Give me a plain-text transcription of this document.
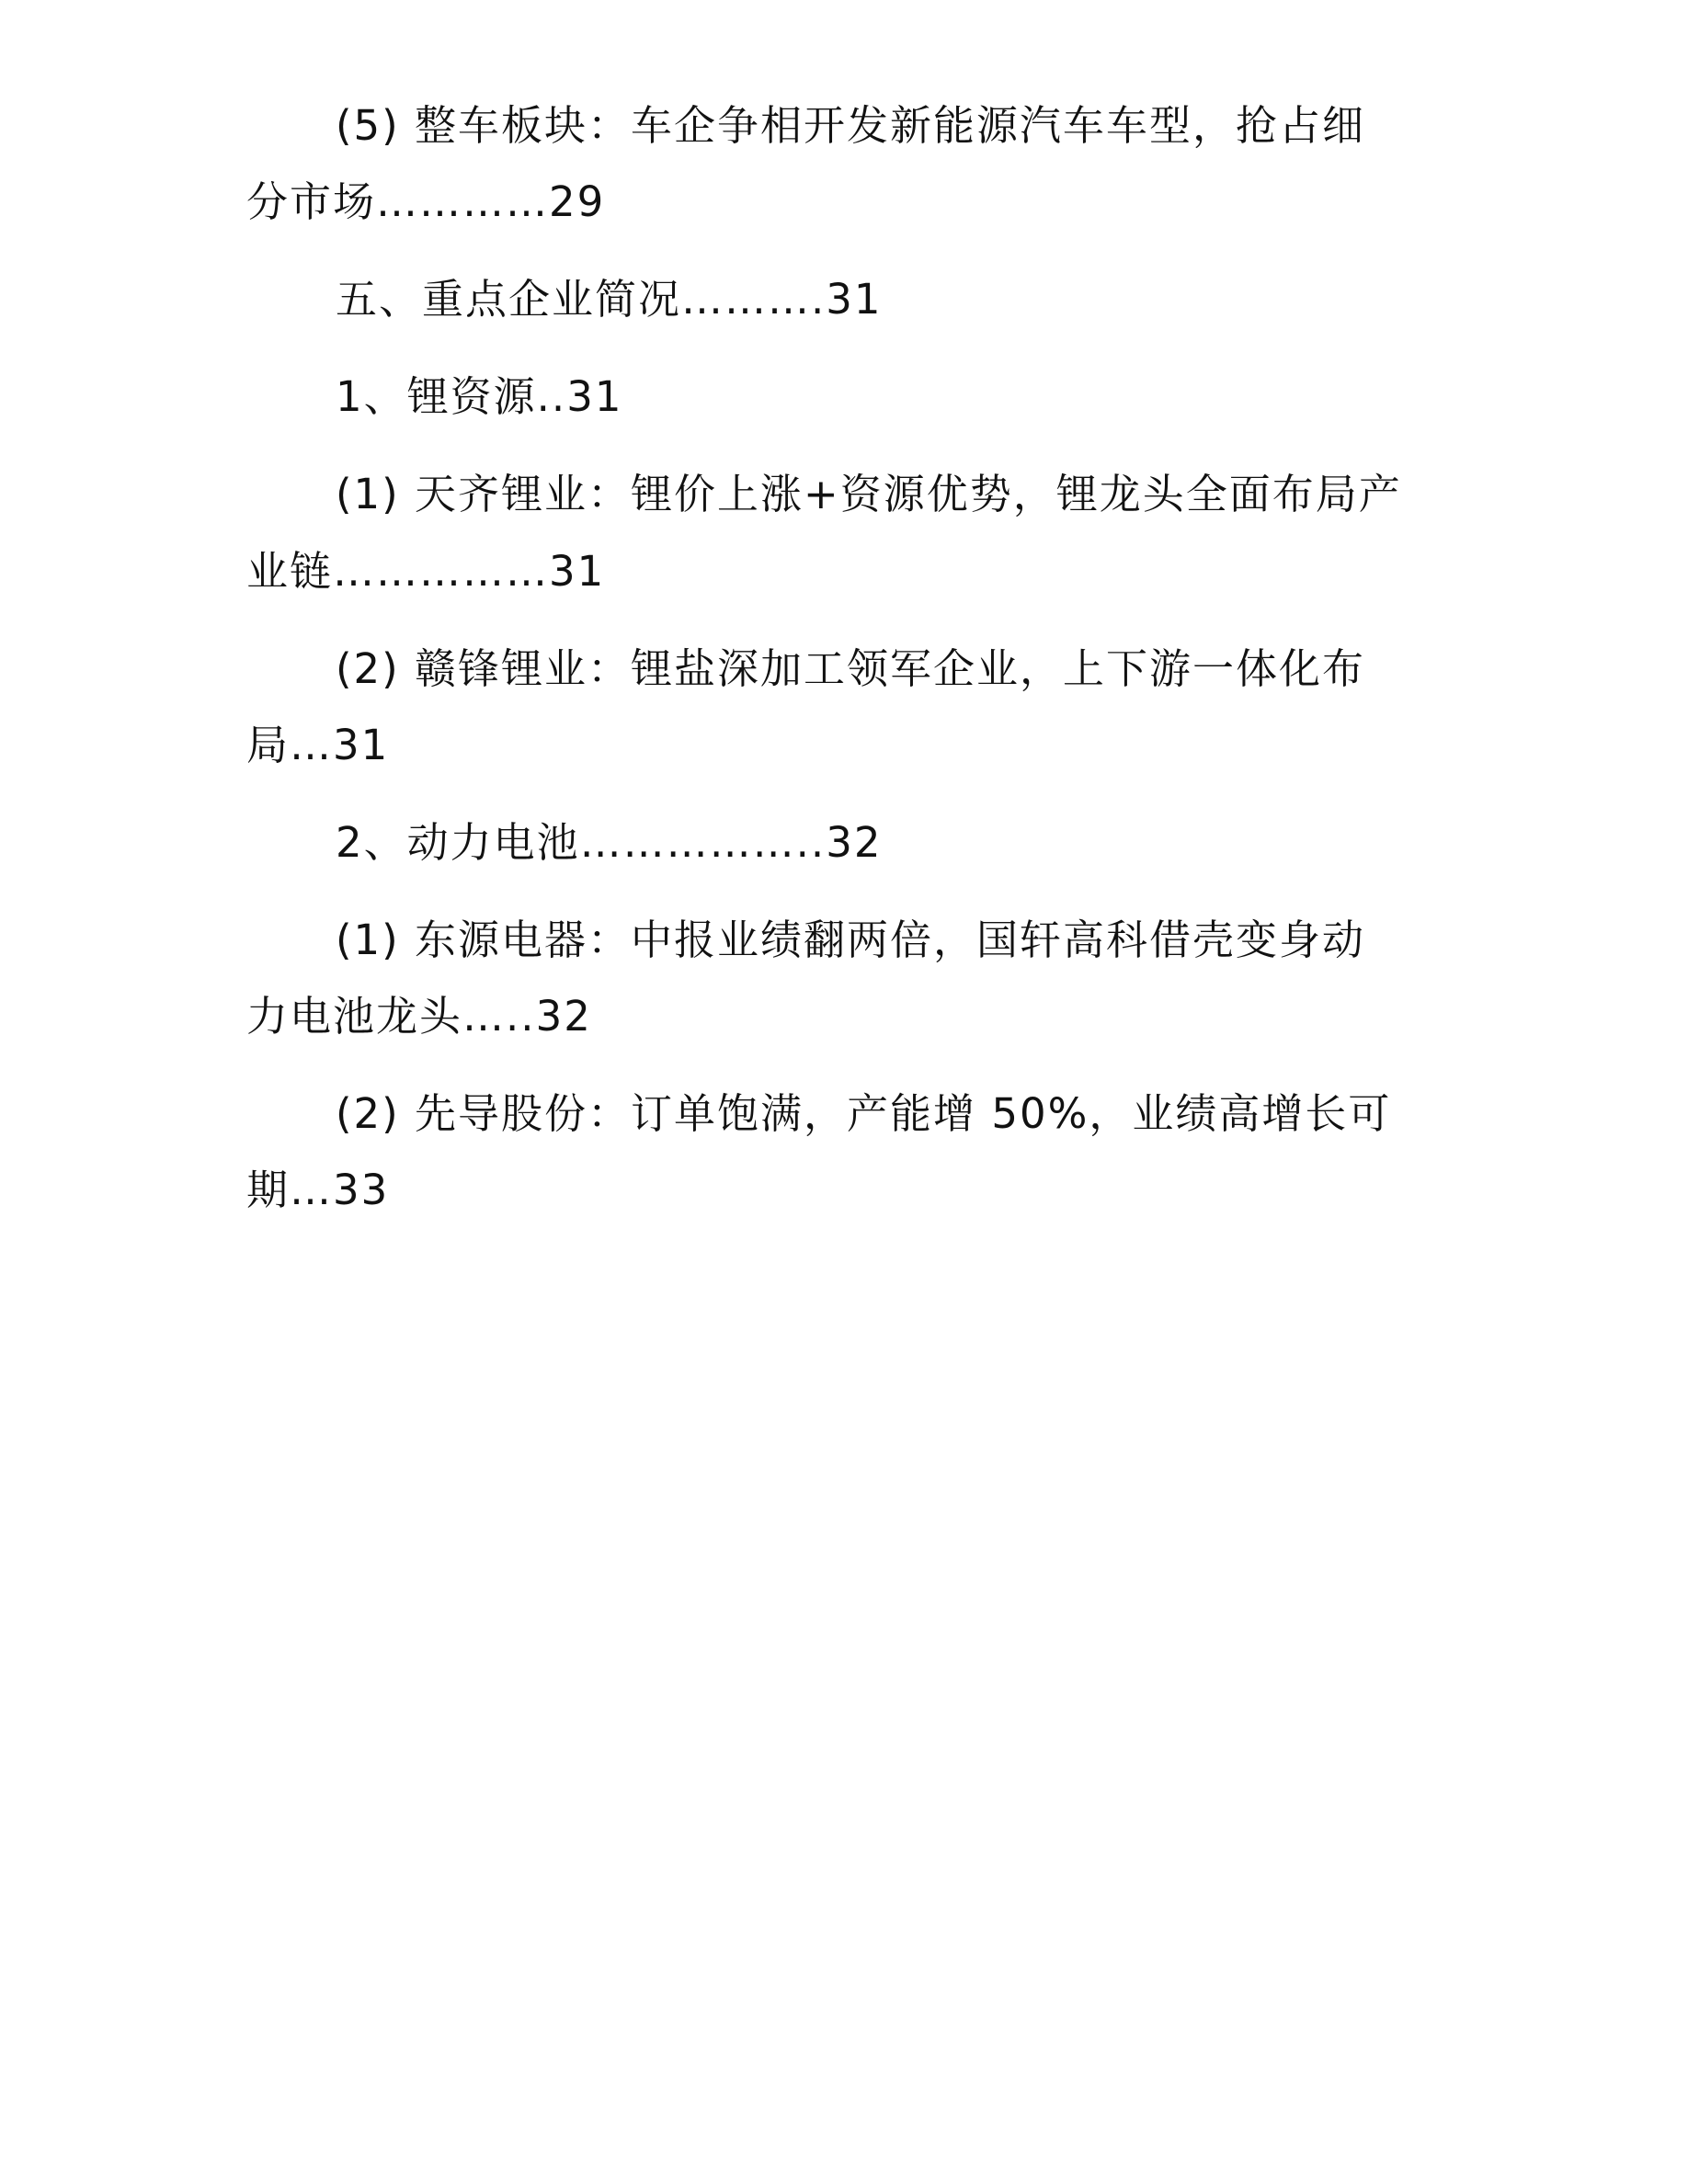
(5) 整车板块：车企争相开发新能源汽车车型，抢占细

分市场…………29

五、重点企业简况……….31

1、锂资源..31

(1) 天齐锂业：锂价上涨+资源优势，锂龙头全面布局产

业链……………31

(2) 赣锋锂业：锂盐深加工领军企业，上下游一体化布

局…31

2、动力电池……………..32

(1) 东源电器：中报业绩翻两倍，国轩高科借壳变身动

力电池龙头…..32

(2) 先导股份：订单饱满，产能增 50%，业绩高增长可

期…33
